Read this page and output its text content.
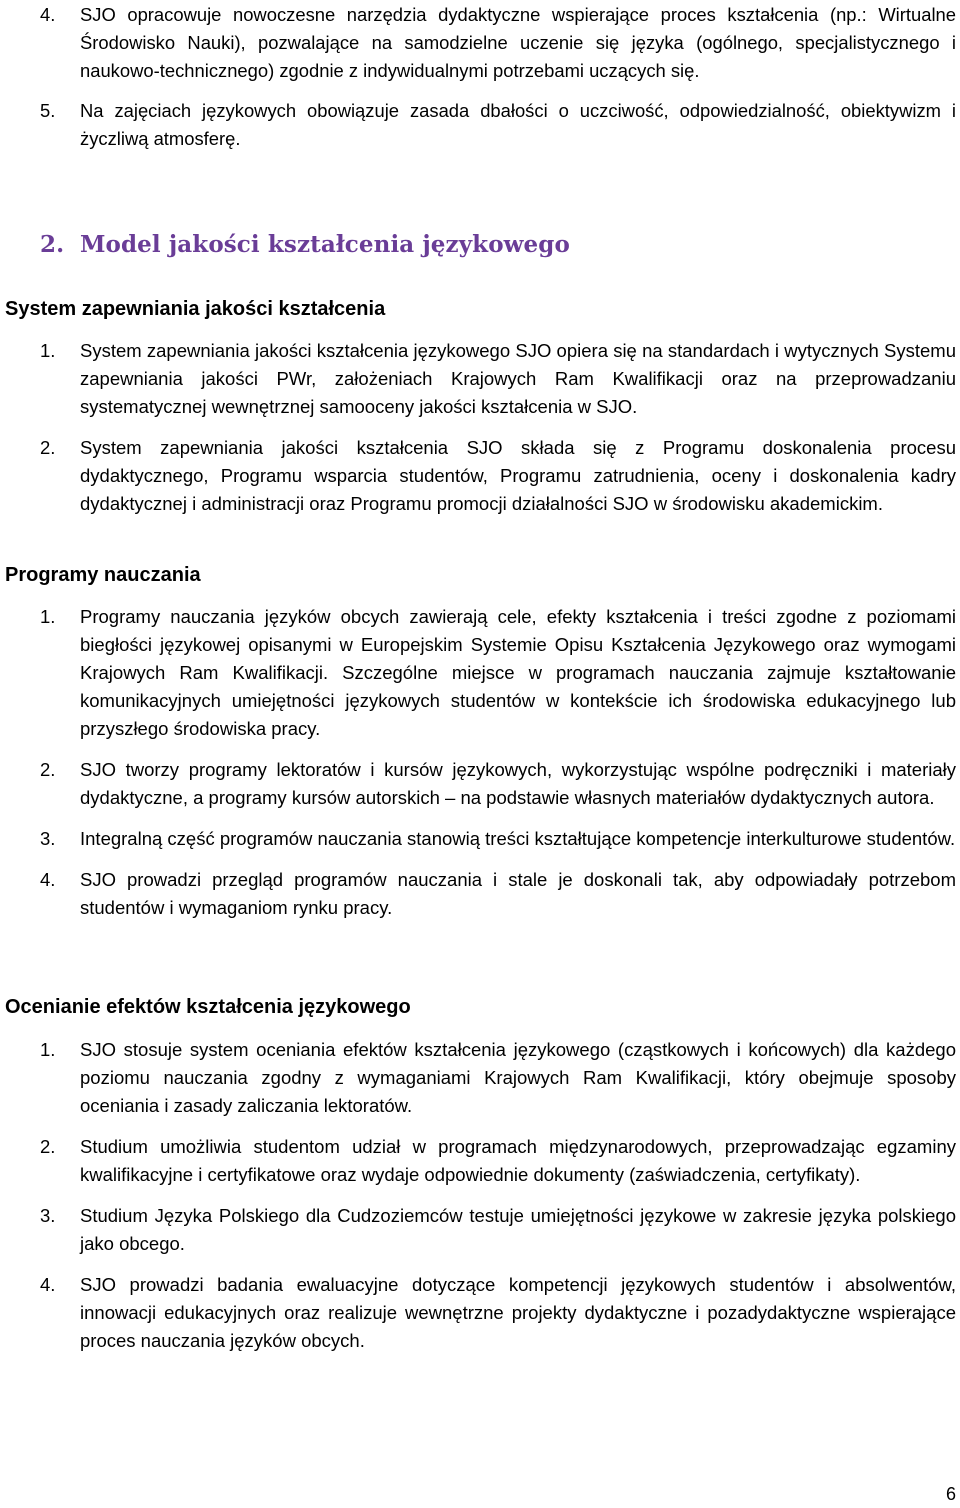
4. SJO opracowuje nowoczesne narzędzia dydaktyczne wspierające proces kształcenia (np.: Wirtualne Środowisko Nauki), pozwalające na samodzielne uczenie się języka (ogólnego, specjalistycznego i naukowo-technicznego) zgodnie z indywidualnymi potrzebami uczących się.
5. Na zajęciach językowych obowiązuje zasada dbałości o uczciwość, odpowiedzialność, obiektywizm i życzliwą atmosferę.
2. Model jakości kształcenia językowego
System zapewniania jakości kształcenia
1. System zapewniania jakości kształcenia językowego SJO opiera się na standardach i wytycznych Systemu zapewniania jakości PWr, założeniach Krajowych Ram Kwalifikacji oraz na przeprowadzaniu systematycznej wewnętrznej samooceny jakości kształcenia w SJO.
2. System zapewniania jakości kształcenia SJO składa się z Programu doskonalenia procesu dydaktycznego, Programu wsparcia studentów, Programu zatrudnienia, oceny i doskonalenia kadry dydaktycznej i administracji oraz Programu promocji działalności SJO w środowisku akademickim.
Programy nauczania
1. Programy nauczania języków obcych zawierają cele, efekty kształcenia i treści zgodne z poziomami biegłości językowej opisanymi w Europejskim Systemie Opisu Kształcenia Językowego oraz wymogami Krajowych Ram Kwalifikacji. Szczególne miejsce w programach nauczania zajmuje kształtowanie komunikacyjnych umiejętności językowych studentów w kontekście ich środowiska edukacyjnego lub przyszłego środowiska pracy.
2. SJO tworzy programy lektoratów i kursów językowych, wykorzystując wspólne podręczniki i materiały dydaktyczne, a programy kursów autorskich – na podstawie własnych materiałów dydaktycznych autora.
3. Integralną część programów nauczania stanowią treści kształtujące kompetencje interkulturowe studentów.
4. SJO prowadzi przegląd programów nauczania i stale je doskonali tak, aby odpowiadały potrzebom studentów i wymaganiom rynku pracy.
Ocenianie efektów kształcenia językowego
1. SJO stosuje system oceniania efektów kształcenia językowego (cząstkowych i końcowych) dla każdego poziomu nauczania zgodny z wymaganiami Krajowych Ram Kwalifikacji, który obejmuje sposoby oceniania i zasady zaliczania lektoratów.
2. Studium umożliwia studentom udział w programach międzynarodowych, przeprowadzając egzaminy kwalifikacyjne i certyfikatowe oraz wydaje odpowiednie dokumenty (zaświadczenia, certyfikaty).
3. Studium Języka Polskiego dla Cudzoziemców testuje umiejętności językowe w zakresie języka polskiego jako obcego.
4. SJO prowadzi badania ewaluacyjne dotyczące kompetencji językowych studentów i absolwentów, innowacji edukacyjnych oraz realizuje wewnętrzne projekty dydaktyczne i pozadydaktyczne wspierające proces nauczania języków obcych.
6
